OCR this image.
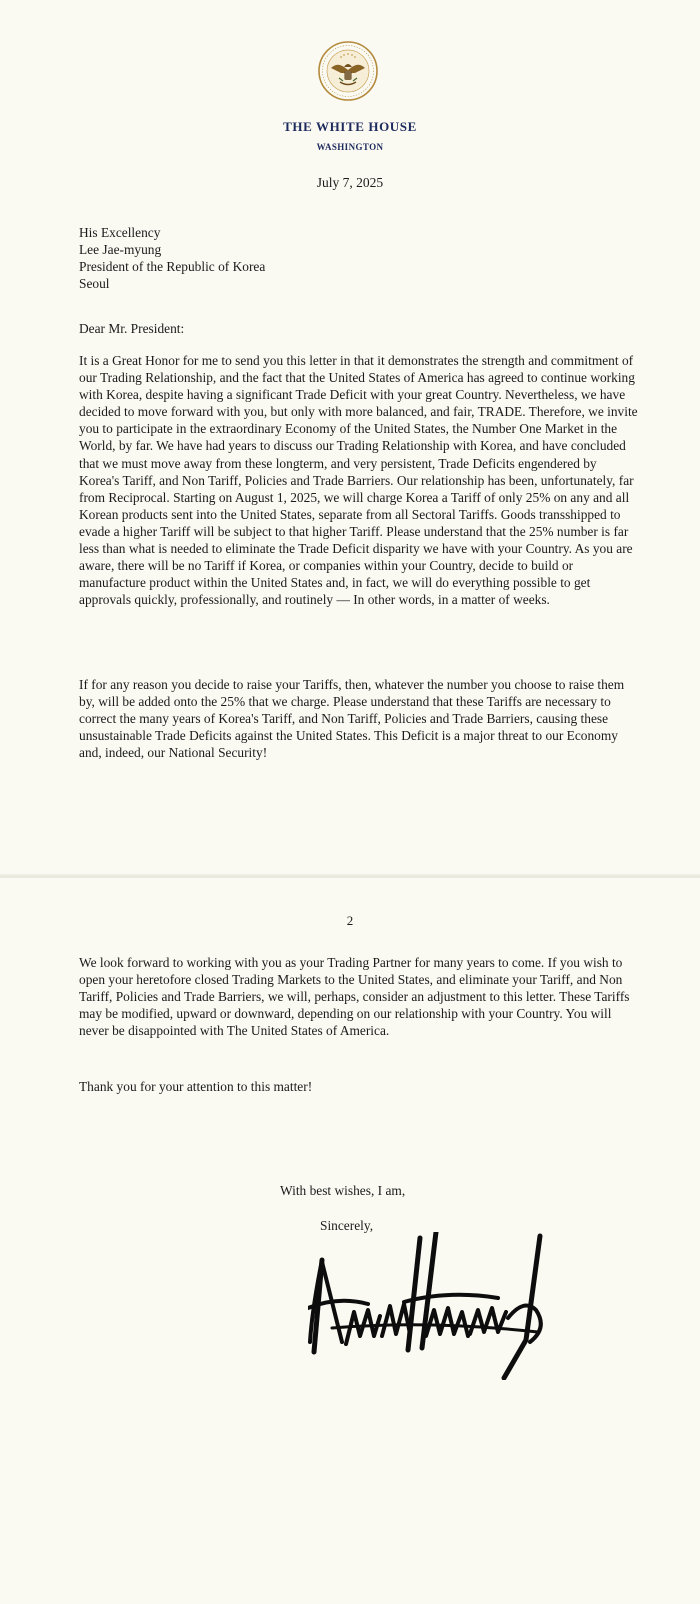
THE WHITE HOUSE
WASHINGTON
July 7, 2025

His Excellency

Lee Jae-myung

President of the Republic of Korea

Seoul

Dear Mr. President:
It is a Great Honor for me to send you this letter in that it demonstrates the strength and commitment of our Trading Relationship, and the fact that the United States of America has agreed to continue working with Korea, despite having a significant Trade Deficit with your great Country. Nevertheless, we have decided to move forward with you, but only with more balanced, and fair, TRADE. Therefore, we invite you to participate in the extraordinary Economy of the United States, the Number One Market in the World, by far. We have had years to discuss our Trading Relationship with Korea, and have concluded that we must move away from these longterm, and very persistent, Trade Deficits engendered by Korea's Tariff, and Non Tariff, Policies and Trade Barriers. Our relationship has been, unfortunately, far from Reciprocal. Starting on August 1, 2025, we will charge Korea a Tariff of only 25% on any and all Korean products sent into the United States, separate from all Sectoral Tariffs. Goods transshipped to evade a higher Tariff will be subject to that higher Tariff. Please understand that the 25% number is far less than what is needed to eliminate the Trade Deficit disparity we have with your Country. As you are aware, there will be no Tariff if Korea, or companies within your Country, decide to build or manufacture product within the United States and, in fact, we will do everything possible to get approvals quickly, professionally, and routinely — In other words, in a matter of weeks.
If for any reason you decide to raise your Tariffs, then, whatever the number you choose to raise them by, will be added onto the 25% that we charge. Please understand that these Tariffs are necessary to correct the many years of Korea's Tariff, and Non Tariff, Policies and Trade Barriers, causing these unsustainable Trade Deficits against the United States. This Deficit is a major threat to our Economy and, indeed, our National Security!
2
We look forward to working with you as your Trading Partner for many years to come. If you wish to open your heretofore closed Trading Markets to the United States, and eliminate your Tariff, and Non Tariff, Policies and Trade Barriers, we will, perhaps, consider an adjustment to this letter. These Tariffs may be modified, upward or downward, depending on our relationship with your Country. You will never be disappointed with The United States of America.
Thank you for your attention to this matter!
With best wishes, I am,
Sincerely,
